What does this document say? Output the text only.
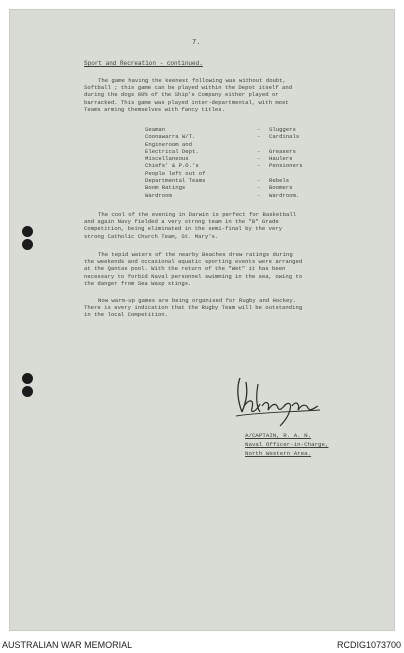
7.
Sport and Recreation - continued.

The game having the keenest following was without doubt,
Softball ; this game can be played within the Depot itself and
during the dogs 80% of the Ship's Company either played or
barracked. This game was played inter-departmental, with most
Teams arming themselves with fancy titles.

Seaman	-	Sluggers
Coonawarra W/T.	-	Cardinals
Engineroom and
Electrical Dept.	-	Greasers
Miscellaneous	-	Haulers
Chiefs' & P.O.'s	-	Pensioners
People left out of
Departmental Teams	-	Rebels
Boom Ratings	-	Boomers
Wardroom	-	Wardroom.

The cool of the evening in Darwin is perfect for Basketball
and again Navy fielded a very strong team in the "B" Grade
Competition, being eliminated in the semi-final by the very
strong Catholic Church Team, St. Mary's.

The tepid waters of the nearby Beaches drew ratings during
the weekends and occasional aquatic sporting events were arranged
at the Qantas pool. With the return of the "Wet" it has been
necessary to forbid Naval personnel swimming in the sea, owing to
the danger from Sea Wasp stings.

Now warm-up games are being organised for Rugby and Hockey.
There is every indication that the Rugby Team will be outstanding
in the local Competition.

A/CAPTAIN, R. A. N.
Naval Officer-in-Charge,
North Western Area.
AUSTRALIAN WAR MEMORIAL	RCDIG1073700
